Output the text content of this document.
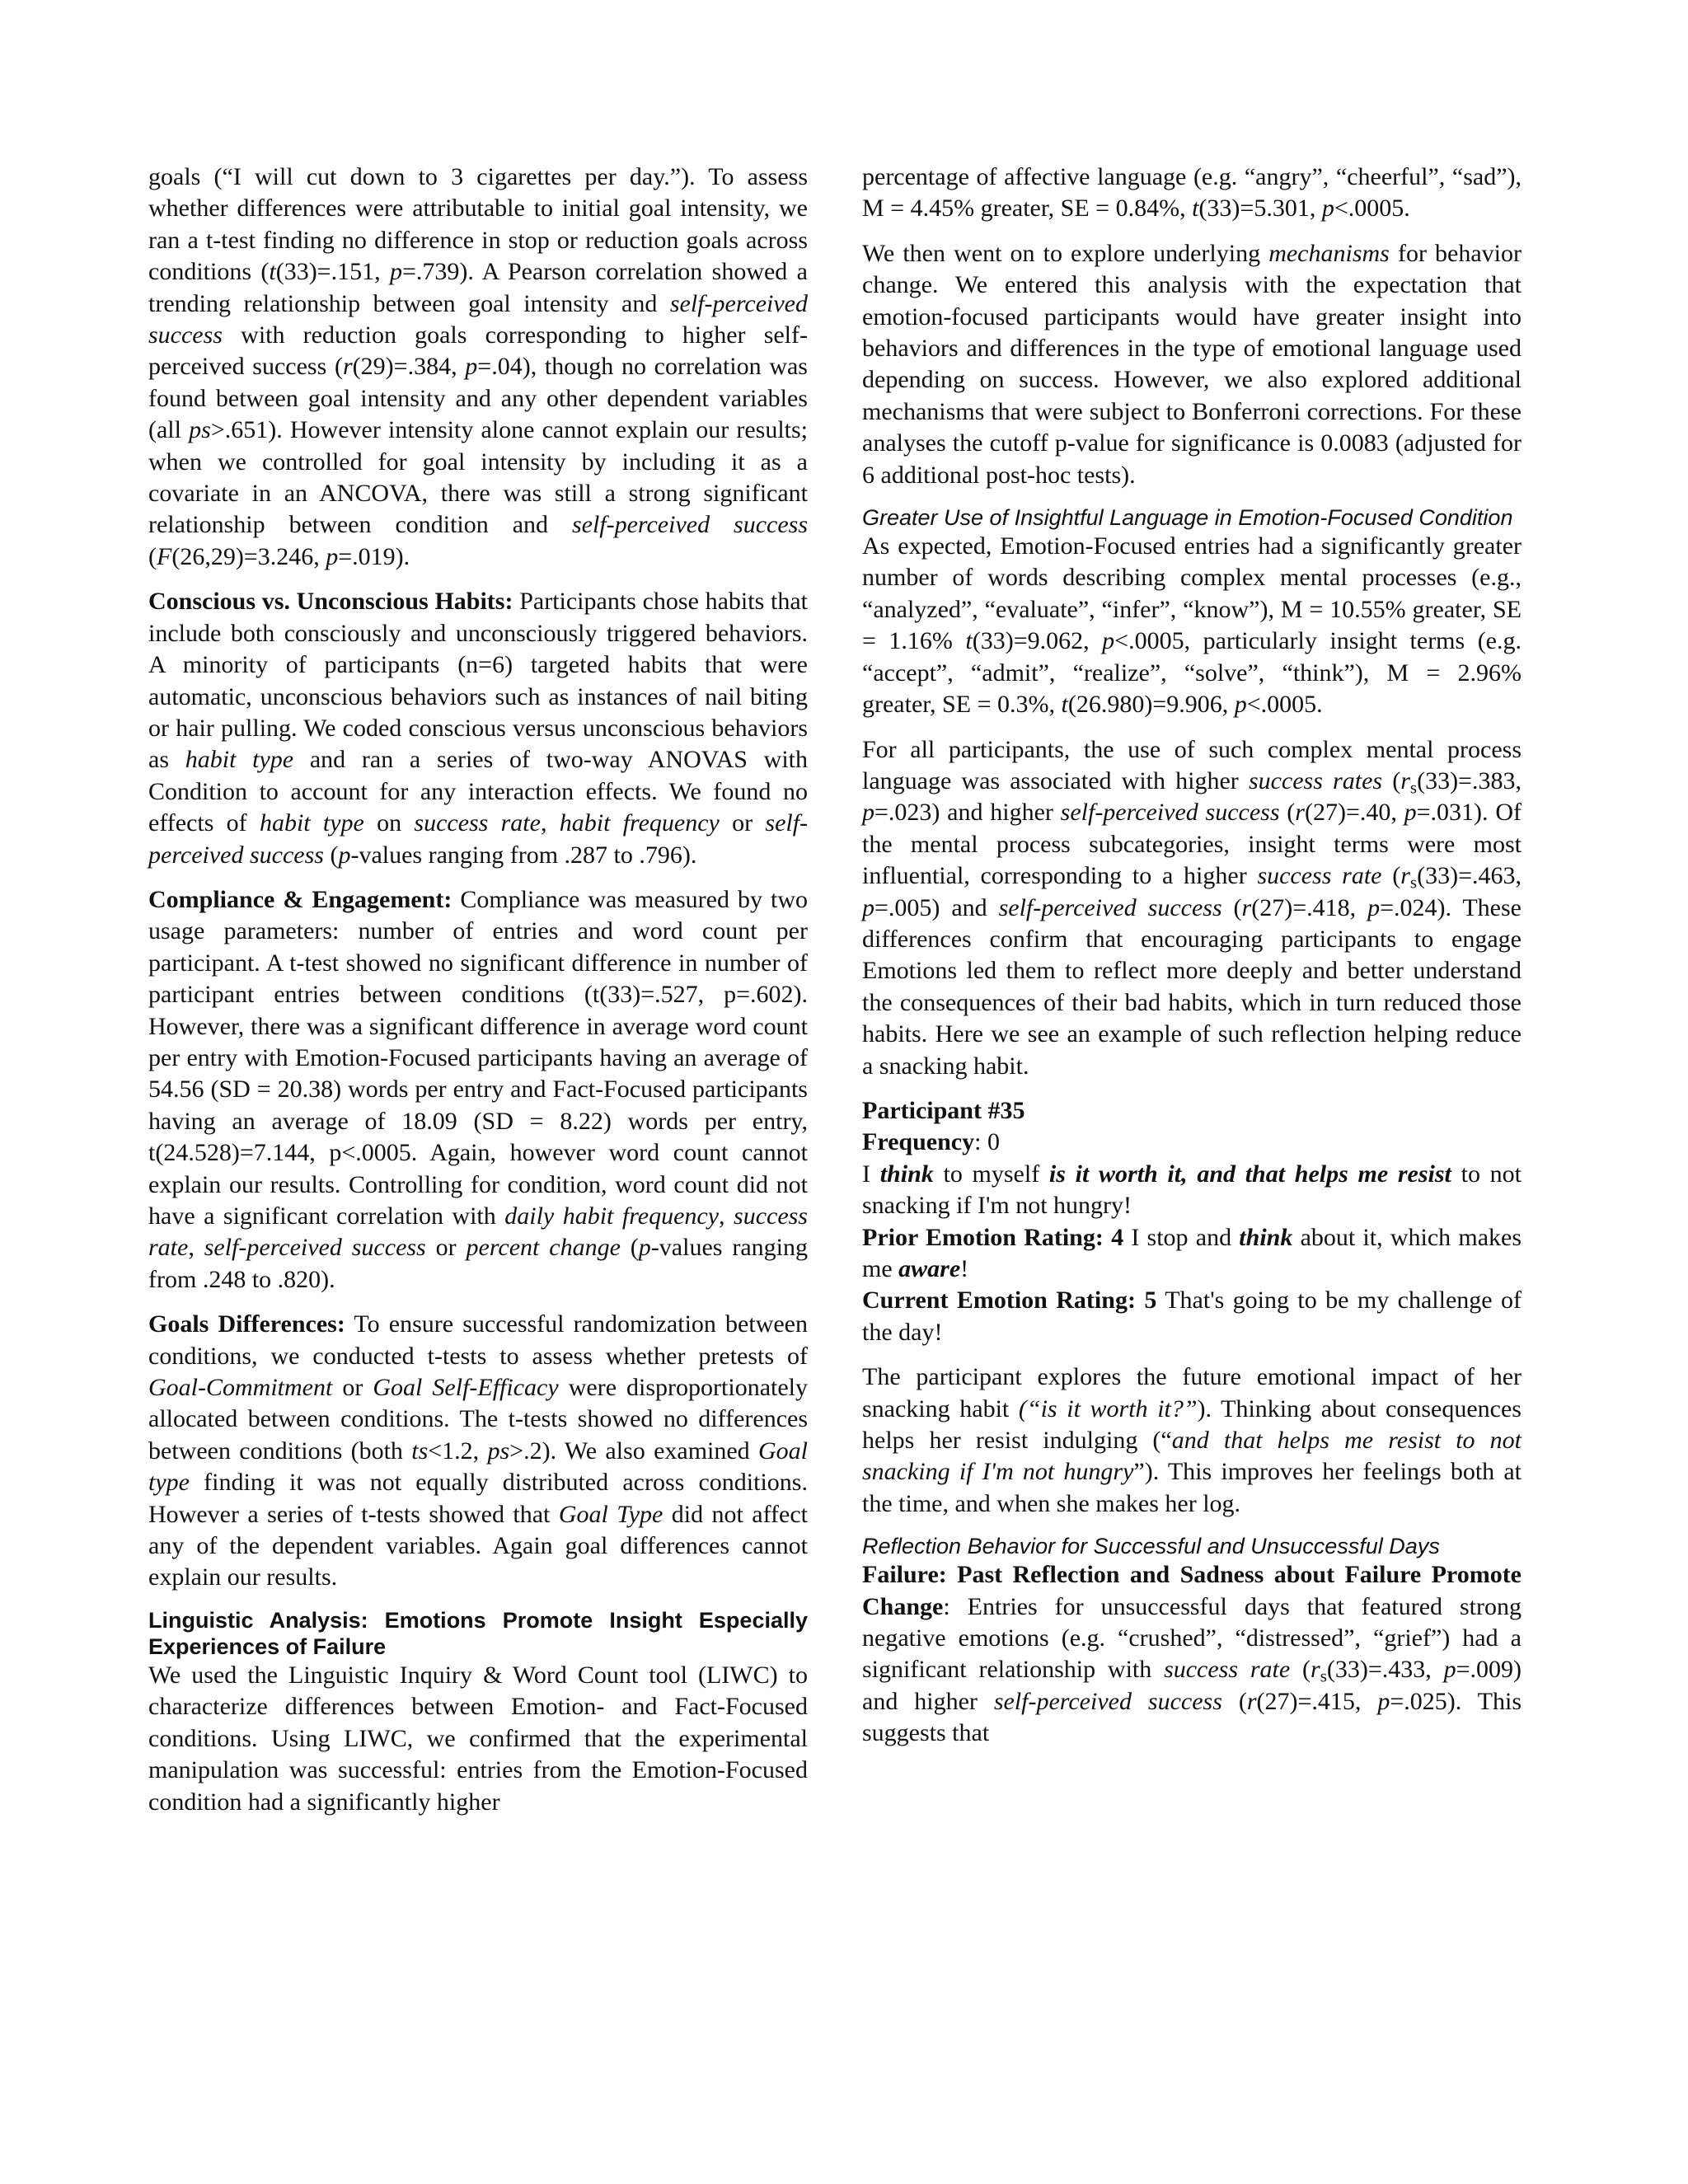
goals (“I will cut down to 3 cigarettes per day.”). To assess whether differences were attributable to initial goal intensity, we ran a t-test finding no difference in stop or reduction goals across conditions (t(33)=.151, p=.739). A Pearson correlation showed a trending relationship between goal intensity and self-perceived success with reduction goals corresponding to higher self-perceived success (r(29)=.384, p=.04), though no correlation was found between goal intensity and any other dependent variables (all ps>.651). However intensity alone cannot explain our results; when we controlled for goal intensity by including it as a covariate in an ANCOVA, there was still a strong significant relationship between condition and self-perceived success (F(26,29)=3.246, p=.019).

Conscious vs. Unconscious Habits: Participants chose habits that include both consciously and unconsciously triggered behaviors. A minority of participants (n=6) targeted habits that were automatic, unconscious behaviors such as instances of nail biting or hair pulling. We coded conscious versus unconscious behaviors as habit type and ran a series of two-way ANOVAS with Condition to account for any interaction effects. We found no effects of habit type on success rate, habit frequency or self-perceived success (p-values ranging from .287 to .796).

Compliance & Engagement: Compliance was measured by two usage parameters: number of entries and word count per participant. A t-test showed no significant difference in number of participant entries between conditions (t(33)=.527, p=.602). However, there was a significant difference in average word count per entry with Emotion-Focused participants having an average of 54.56 (SD = 20.38) words per entry and Fact-Focused participants having an average of 18.09 (SD = 8.22) words per entry, t(24.528)=7.144, p<.0005. Again, however word count cannot explain our results. Controlling for condition, word count did not have a significant correlation with daily habit frequency, success rate, self-perceived success or percent change (p-values ranging from .248 to .820).

Goals Differences: To ensure successful randomization between conditions, we conducted t-tests to assess whether pretests of Goal-Commitment or Goal Self-Efficacy were disproportionately allocated between conditions. The t-tests showed no differences between conditions (both ts<1.2, ps>.2). We also examined Goal type finding it was not equally distributed across conditions. However a series of t-tests showed that Goal Type did not affect any of the dependent variables. Again goal differences cannot explain our results.

Linguistic Analysis: Emotions Promote Insight Especially Experiences of Failure

We used the Linguistic Inquiry & Word Count tool (LIWC) to characterize differences between Emotion- and Fact-Focused conditions. Using LIWC, we confirmed that the experimental manipulation was successful: entries from the Emotion-Focused condition had a significantly higher

percentage of affective language (e.g. “angry”, “cheerful”, “sad”), M = 4.45% greater, SE = 0.84%, t(33)=5.301, p<.0005.

We then went on to explore underlying mechanisms for behavior change. We entered this analysis with the expectation that emotion-focused participants would have greater insight into behaviors and differences in the type of emotional language used depending on success. However, we also explored additional mechanisms that were subject to Bonferroni corrections. For these analyses the cutoff p-value for significance is 0.0083 (adjusted for 6 additional post-hoc tests).

Greater Use of Insightful Language in Emotion-Focused Condition

As expected, Emotion-Focused entries had a significantly greater number of words describing complex mental processes (e.g., “analyzed”, “evaluate”, “infer”, “know”), M = 10.55% greater, SE = 1.16% t(33)=9.062, p<.0005, particularly insight terms (e.g. “accept”, “admit”, “realize”, “solve”, “think”), M = 2.96% greater, SE = 0.3%, t(26.980)=9.906, p<.0005.

For all participants, the use of such complex mental process language was associated with higher success rates ($r_s(33)=.383$, p=.023) and higher self-perceived success (r(27)=.40, p=.031). Of the mental process subcategories, insight terms were most influential, corresponding to a higher success rate ($r_s(33)=.463$, p=.005) and self-perceived success (r(27)=.418, p=.024). These differences confirm that encouraging participants to engage Emotions led them to reflect more deeply and better understand the consequences of their bad habits, which in turn reduced those habits. Here we see an example of such reflection helping reduce a snacking habit.

Participant #35

Frequency: 0

I think to myself is it worth it, and that helps me resist to not snacking if I'm not hungry!

Prior Emotion Rating: 4 I stop and think about it, which makes me aware!

Current Emotion Rating: 5 That's going to be my challenge of the day!

The participant explores the future emotional impact of her snacking habit (“is it worth it?”). Thinking about consequences helps her resist indulging (“and that helps me resist to not snacking if I'm not hungry”). This improves her feelings both at the time, and when she makes her log.

Reflection Behavior for Successful and Unsuccessful Days

Failure: Past Reflection and Sadness about Failure Promote Change: Entries for unsuccessful days that featured strong negative emotions (e.g. “crushed”, “distressed”, “grief”) had a significant relationship with success rate ($r_s(33)=.433$, p=.009) and higher self-perceived success (r(27)=.415, p=.025). This suggests that
